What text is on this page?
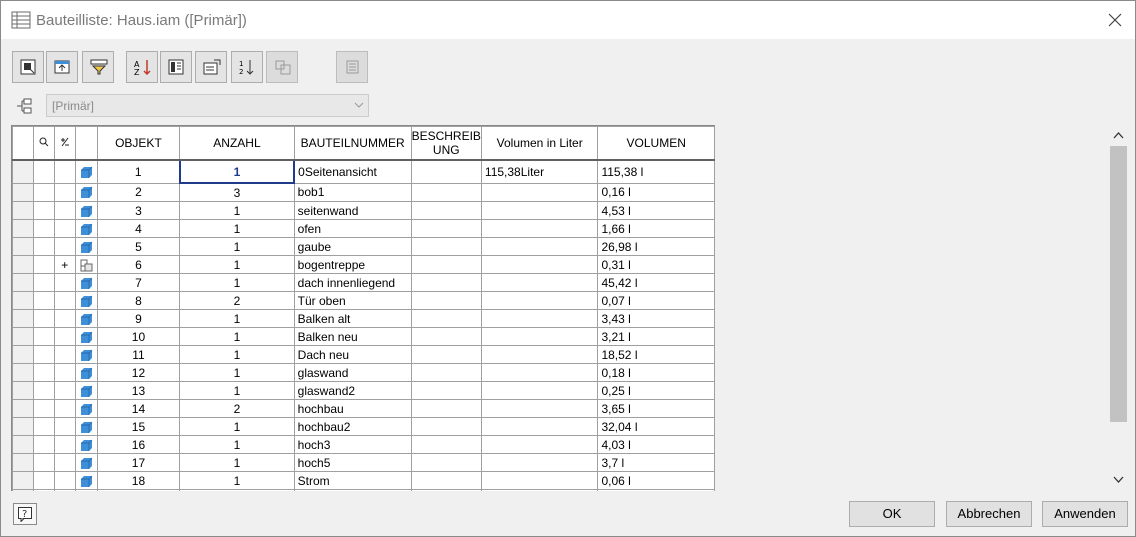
Bauteilliste: Haus.iam ([Primär])
A
Z
1
2
[Primär]
				OBJEKT	ANZAHL	BAUTEILNUMMER	BESCHREIB
UNG	Volumen in Liter	VOLUMEN
				1	1	0Seitenansicht		115,38Liter	115,38 l
				2	3	bob1			0,16 l
				3	1	seitenwand			4,53 l
				4	1	ofen			1,66 l
				5	1	gaube			26,98 l
		+		6	1	bogentreppe			0,31 l
				7	1	dach innenliegend			45,42 l
				8	2	Tür oben			0,07 l
				9	1	Balken alt			3,43 l
				10	1	Balken neu			3,21 l
				11	1	Dach neu			18,52 l
				12	1	glaswand			0,18 l
				13	1	glaswand2			0,25 l
				14	2	hochbau			3,65 l
				15	1	hochbau2			32,04 l
				16	1	hoch3			4,03 l
				17	1	hoch5			3,7 l
				18	1	Strom			0,06 l

?	OK	Abbrechen	Anwenden
